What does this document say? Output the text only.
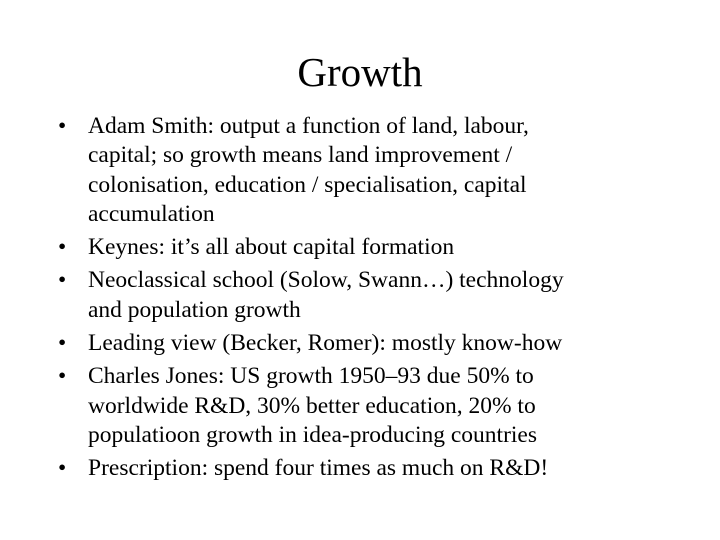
Growth
• Adam Smith: output a function of land, labour,
capital; so growth means land improvement /
colonisation, education / specialisation, capital
accumulation
• Keynes: it’s all about capital formation
• Neoclassical school (Solow, Swann…) technology
and population growth
• Leading view (Becker, Romer): mostly know-how
• Charles Jones: US growth 1950–93 due 50% to
worldwide R&D, 30% better education, 20% to
populatioon growth in idea-producing countries
• Prescription: spend four times as much on R&D!
